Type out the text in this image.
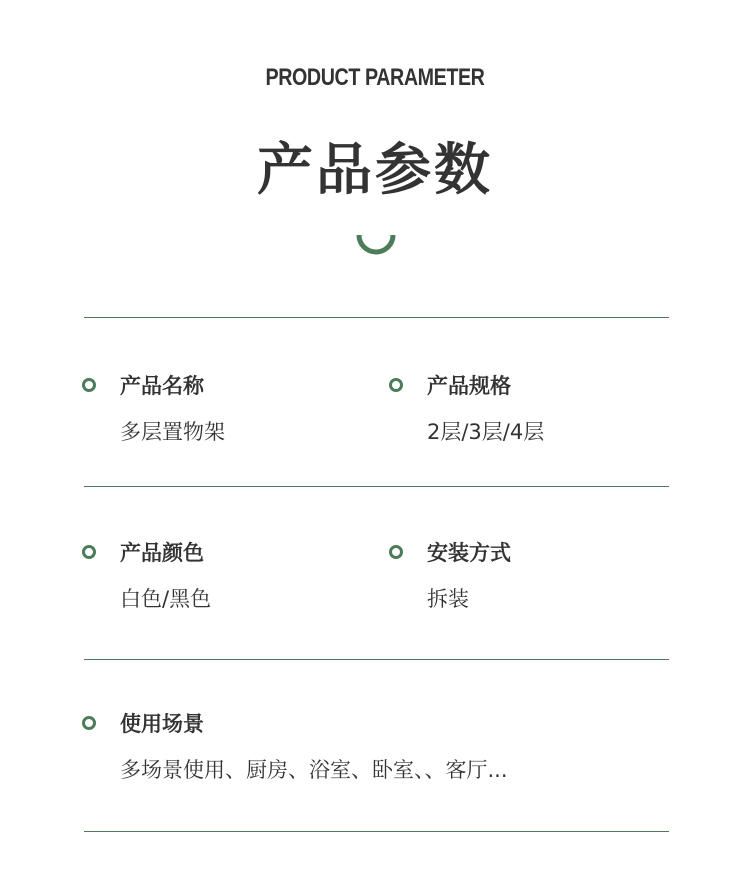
PRODUCT PARAMETER
产品参数
产品名称
多层置物架
产品规格
2层/3层/4层
产品颜色
白色/黑色
安装方式
拆装
使用场景
多场景使用、厨房、浴室、卧室、、客厅...
